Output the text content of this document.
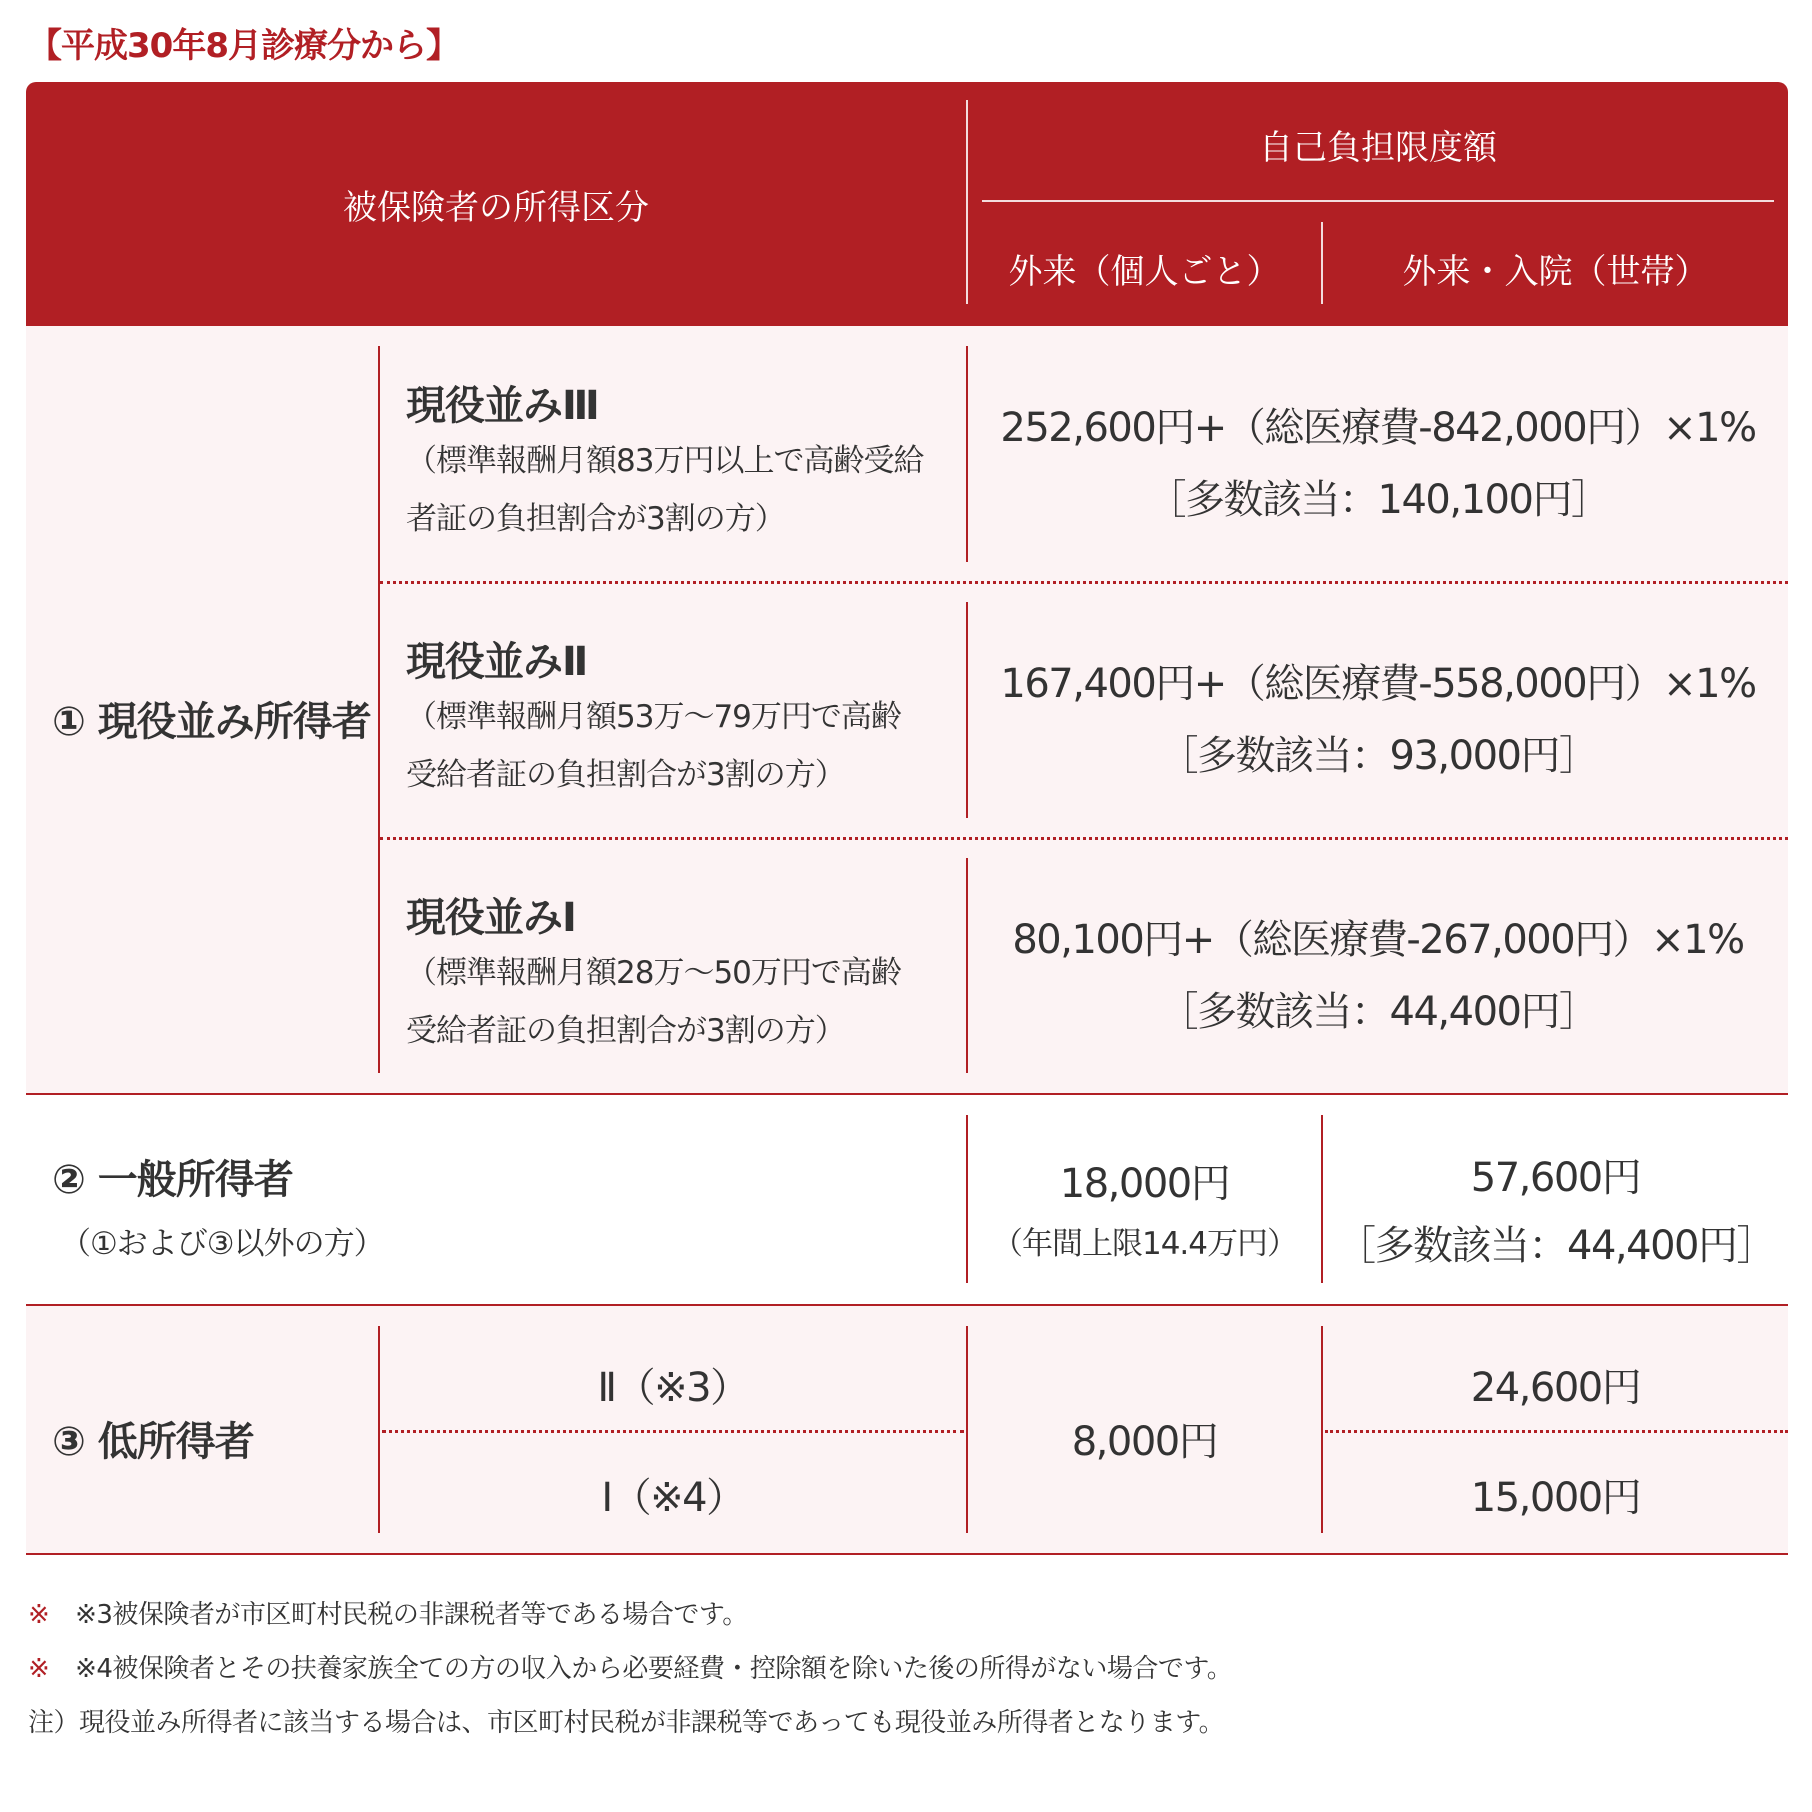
【平成30年8月診療分から】
被保険者の所得区分
自己負担限度額
外来（個人ごと）	外来・入院（世帯）
① 現役並み所得者
現役並みⅢ
（標準報酬月額83万円以上で高齢受給者証の負担割合が3割の方）
252,600円+（総医療費-842,000円）×1%
［多数該当：140,100円］
現役並みⅡ
（標準報酬月額53万～79万円で高齢受給者証の負担割合が3割の方）
167,400円+（総医療費-558,000円）×1%
［多数該当：93,000円］
現役並みⅠ
（標準報酬月額28万～50万円で高齢受給者証の負担割合が3割の方）
80,100円+（総医療費-267,000円）×1%
［多数該当：44,400円］
② 一般所得者
（①および③以外の方）
18,000円
（年間上限14.4万円）
57,600円
［多数該当：44,400円］
③ 低所得者
Ⅱ（※3）
Ⅰ（※4）
8,000円
24,600円
15,000円
※ ※3被保険者が市区町村民税の非課税者等である場合です。
※ ※4被保険者とその扶養家族全ての方の収入から必要経費・控除額を除いた後の所得がない場合です。
注）現役並み所得者に該当する場合は、市区町村民税が非課税等であっても現役並み所得者となります。
